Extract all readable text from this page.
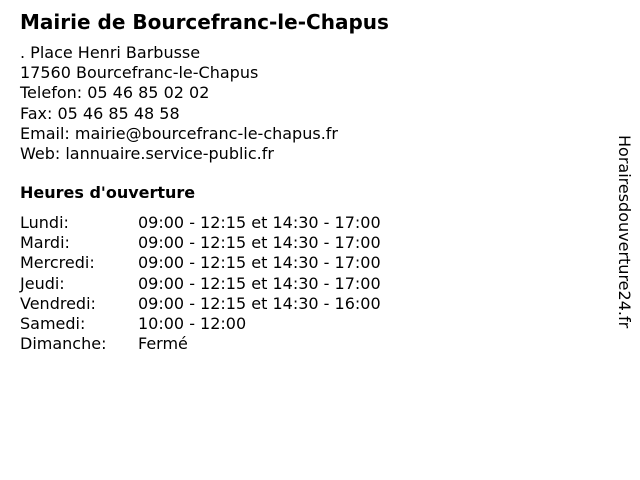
Mairie de Bourcefranc-le-Chapus
. Place Henri Barbusse
17560 Bourcefranc-le-Chapus
Telefon: 05 46 85 02 02
Fax: 05 46 85 48 58
Email: mairie@bourcefranc-le-chapus.fr
Web: lannuaire.service-public.fr
Heures d'ouverture
Lundi:	09:00 - 12:15 et 14:30 - 17:00
Mardi:	09:00 - 12:15 et 14:30 - 17:00
Mercredi:	09:00 - 12:15 et 14:30 - 17:00
Jeudi:	09:00 - 12:15 et 14:30 - 17:00
Vendredi:	09:00 - 12:15 et 14:30 - 16:00
Samedi:	10:00 - 12:00
Dimanche: Fermé
Horairesdouverture24.fr
